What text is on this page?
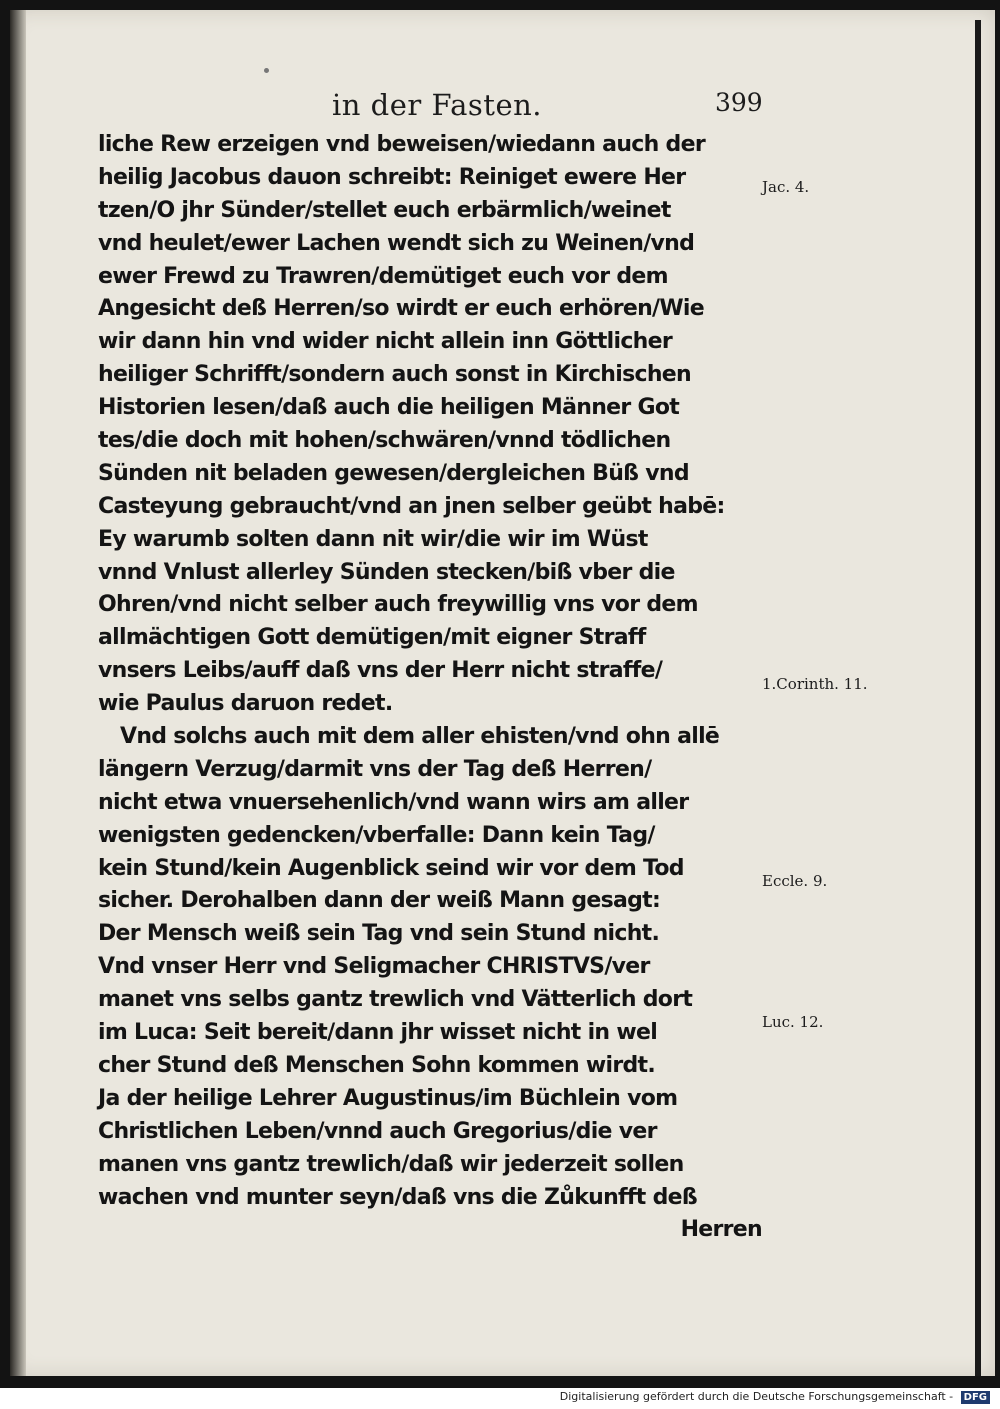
in der Fasten.	399
liche Rew erzeigen vnd beweisen/wiedann auch der
heilig Jacobus dauon schreibt: Reiniget ewere Her
tzen/O jhr Sünder/stellet euch erbärmlich/weinet
vnd heulet/ewer Lachen wendt sich zu Weinen/vnd
ewer Frewd zu Trawren/demütiget euch vor dem
Angesicht deß Herren/so wirdt er euch erhören/Wie
wir dann hin vnd wider nicht allein inn Göttlicher
heiliger Schrifft/sondern auch sonst in Kirchischen
Historien lesen/daß auch die heiligen Männer Got
tes/die doch mit hohen/schwären/vnnd tödlichen
Sünden nit beladen gewesen/dergleichen Büß vnd
Casteyung gebraucht/vnd an jnen selber geübt habē:
Ey warumb solten dann nit wir/die wir im Wüst
vnnd Vnlust allerley Sünden stecken/biß vber die
Ohren/vnd nicht selber auch freywillig vns vor dem
allmächtigen Gott demütigen/mit eigner Straff
vnsers Leibs/auff daß vns der Herr nicht straffe/
wie Paulus daruon redet.
Vnd solchs auch mit dem aller ehisten/vnd ohn allē
längern Verzug/darmit vns der Tag deß Herren/
nicht etwa vnuersehenlich/vnd wann wirs am aller
wenigsten gedencken/vberfalle: Dann kein Tag/
kein Stund/kein Augenblick seind wir vor dem Tod
sicher. Derohalben dann der weiß Mann gesagt:
Der Mensch weiß sein Tag vnd sein Stund nicht.
Vnd vnser Herr vnd Seligmacher CHRISTVS/ver
manet vns selbs gantz trewlich vnd Vätterlich dort
im Luca: Seit bereit/dann jhr wisset nicht in wel
cher Stund deß Menschen Sohn kommen wirdt.
Ja der heilige Lehrer Augustinus/im Büchlein vom
Christlichen Leben/vnnd auch Gregorius/die ver
manen vns gantz trewlich/daß wir jederzeit sollen
wachen vnd munter seyn/daß vns die Zůkunfft deß
Herren
Jac. 4.
1.Corinth. 11.
Eccle. 9.
Luc. 12.
Digitalisierung gefördert durch die Deutsche Forschungsgemeinschaft - DFG
